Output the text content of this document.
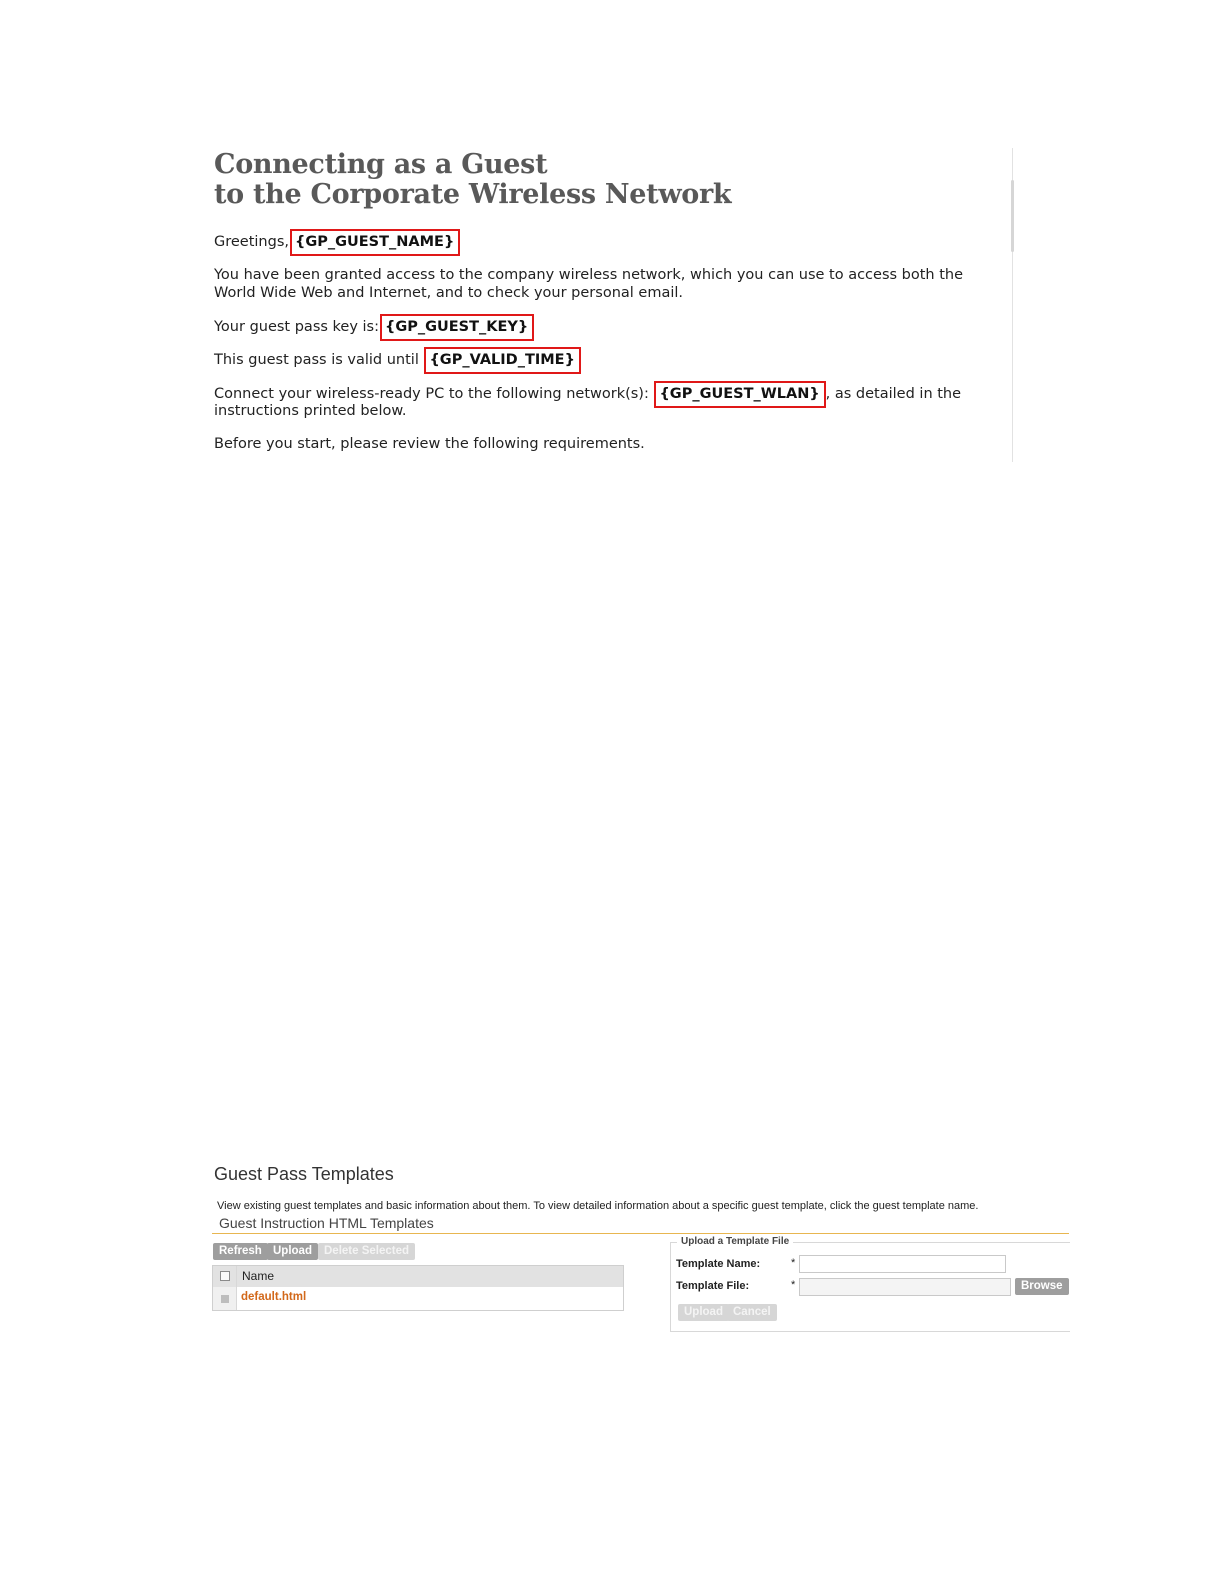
Connecting as a Guest
to the Corporate Wireless Network

Greetings, {GP_GUEST_NAME}

You have been granted access to the company wireless network, which you can use to access both the

World Wide Web and Internet, and to check your personal email.

Your guest pass key is: {GP_GUEST_KEY}

This guest pass is valid until {GP_VALID_TIME}

Connect your wireless-ready PC to the following network(s): {GP_GUEST_WLAN} , as detailed in the

instructions printed below.

Before you start, please review the following requirements.

Guest Pass Templates
View existing guest templates and basic information about them. To view detailed information about a specific guest template, click the guest template name.
Guest Instruction HTML Templates
Refresh Upload	Delete Selected
Name
default.html
Upload a Template File
Template Name:	*
Template File:	*	Browse
Upload Cancel
